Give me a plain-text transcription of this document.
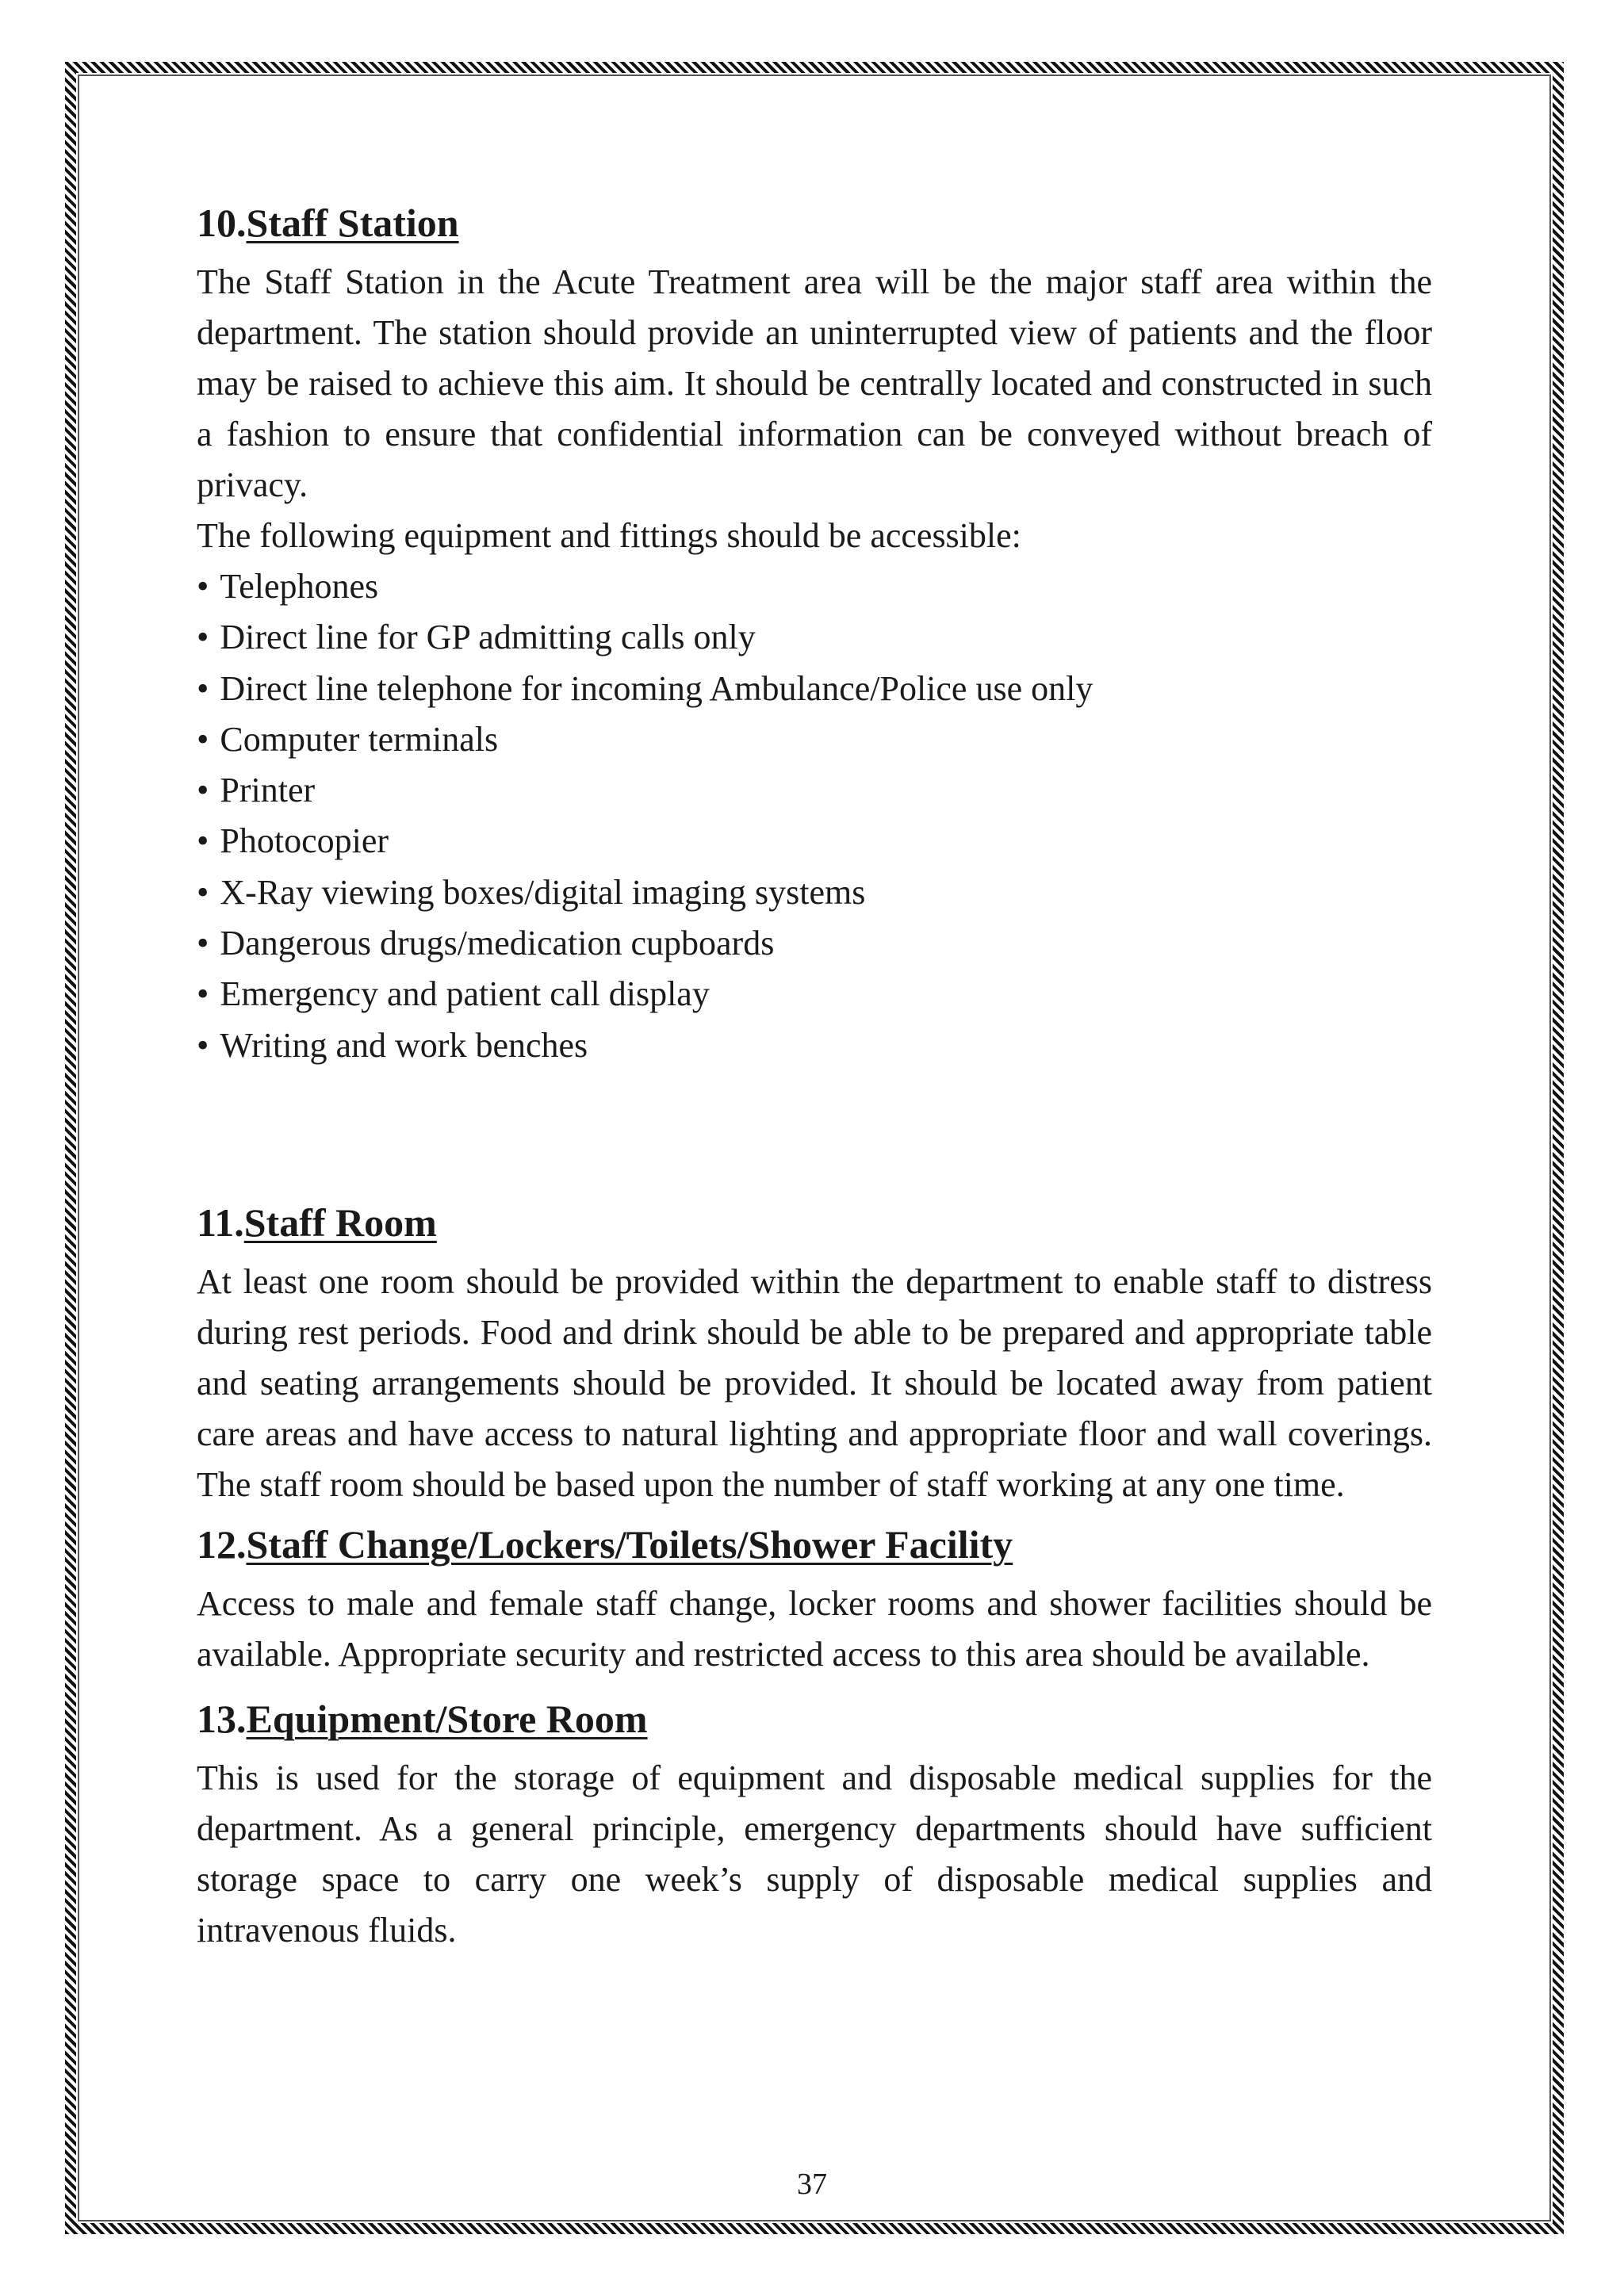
10.Staff Station

The Staff Station in the Acute Treatment area will be the major staff area within the department. The station should provide an uninterrupted view of patients and the floor may be raised to achieve this aim. It should be centrally located and constructed in such a fashion to ensure that confidential information can be conveyed without breach of privacy.

The following equipment and fittings should be accessible:

• Telephones
• Direct line for GP admitting calls only
• Direct line telephone for incoming Ambulance/Police use only
• Computer terminals
• Printer
• Photocopier
• X-Ray viewing boxes/digital imaging systems
• Dangerous drugs/medication cupboards
• Emergency and patient call display
• Writing and work benches
11.Staff Room

At least one room should be provided within the department to enable staff to distress during rest periods. Food and drink should be able to be prepared and appropriate table and seating arrangements should be provided. It should be located away from patient care areas and have access to natural lighting and appropriate floor and wall coverings. The staff room should be based upon the number of staff working at any one time.

12.Staff Change/Lockers/Toilets/Shower Facility

Access to male and female staff change, locker rooms and shower facilities should be available. Appropriate security and restricted access to this area should be available.

13.Equipment/Store Room

This is used for the storage of equipment and disposable medical supplies for the department. As a general principle, emergency departments should have sufficient storage space to carry one week’s supply of disposable medical supplies and intravenous fluids.

37
